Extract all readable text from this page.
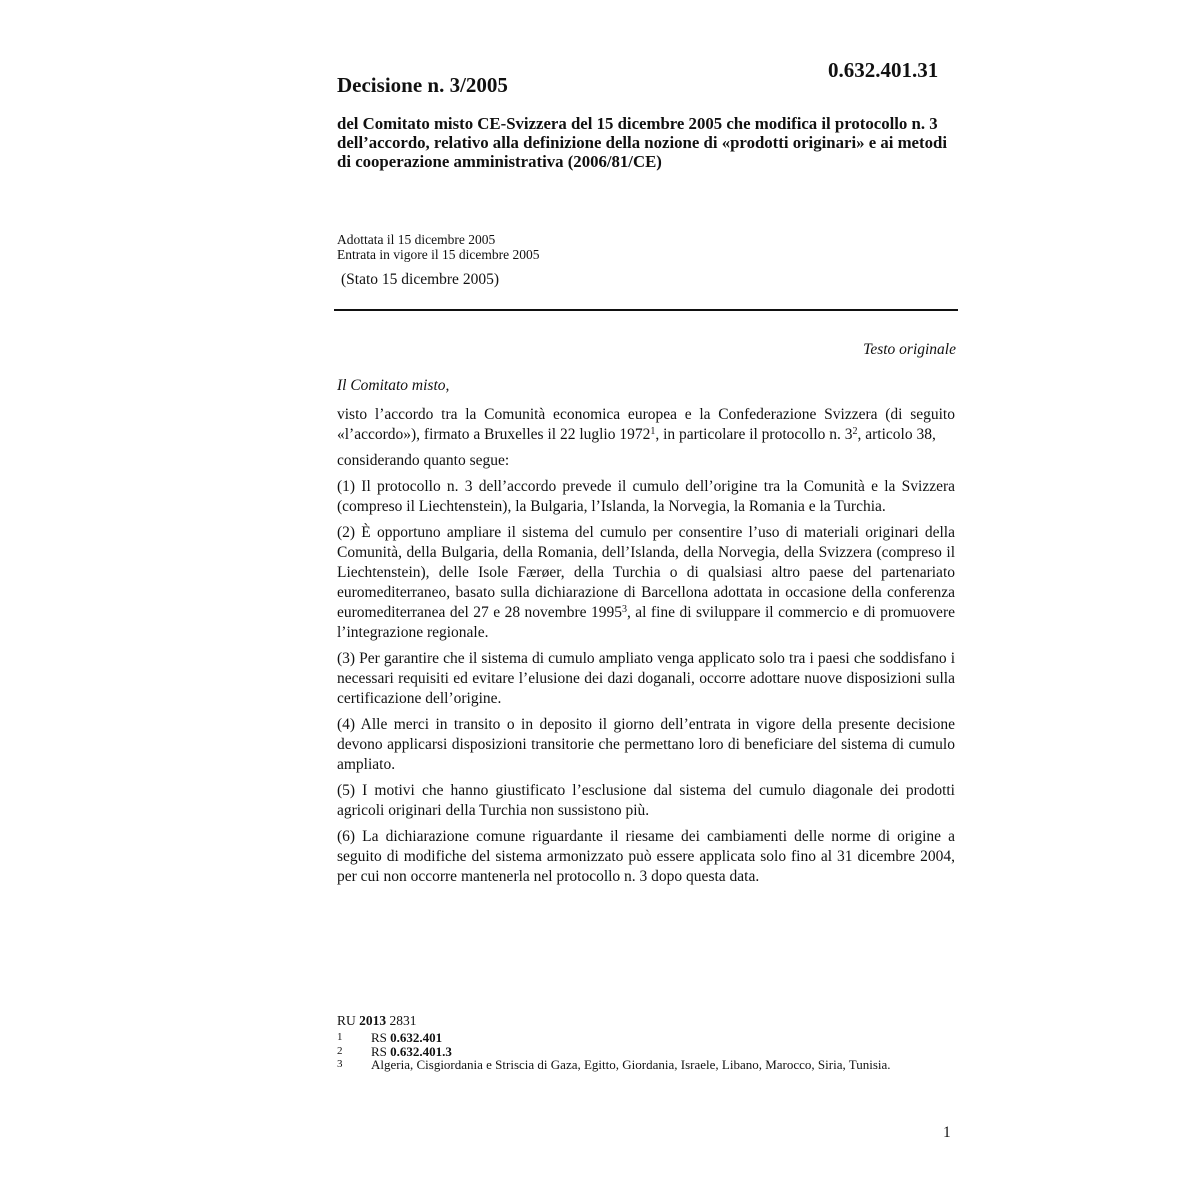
0.632.401.31
Decisione n. 3/2005
del Comitato misto CE-Svizzera del 15 dicembre 2005 che modifica il protocollo n. 3 dell’accordo, relativo alla definizione della nozione di «prodotti originari» e ai metodi di cooperazione amministrativa (2006/81/CE)
Adottata il 15 dicembre 2005
Entrata in vigore il 15 dicembre 2005
(Stato 15 dicembre 2005)
Testo originale
Il Comitato misto,

visto l’accordo tra la Comunità economica europea e la Confederazione Svizzera (di seguito «l’accordo»), firmato a Bruxelles il 22 luglio 1972$^1$, in particolare il protocollo n. $3^2$, articolo 38,

considerando quanto segue:

(1) Il protocollo n. 3 dell’accordo prevede il cumulo dell’origine tra la Comunità e la Svizzera (compreso il Liechtenstein), la Bulgaria, l’Islanda, la Norvegia, la Romania e la Turchia.

(2) È opportuno ampliare il sistema del cumulo per consentire l’uso di materiali originari della Comunità, della Bulgaria, della Romania, dell’Islanda, della Norvegia, della Svizzera (compreso il Liechtenstein), delle Isole Færøer, della Turchia o di qualsiasi altro paese del partenariato euromediterraneo, basato sulla dichiarazione di Barcellona adottata in occasione della conferenza euromediterranea del 27 e 28 novembre 1995$^3$, al fine di sviluppare il commercio e di promuovere l’integrazione regionale.

(3) Per garantire che il sistema di cumulo ampliato venga applicato solo tra i paesi che soddisfano i necessari requisiti ed evitare l’elusione dei dazi doganali, occorre adottare nuove disposizioni sulla certificazione dell’origine.

(4) Alle merci in transito o in deposito il giorno dell’entrata in vigore della presente decisione devono applicarsi disposizioni transitorie che permettano loro di beneficiare del sistema di cumulo ampliato.

(5) I motivi che hanno giustificato l’esclusione dal sistema del cumulo diagonale dei prodotti agricoli originari della Turchia non sussistono più.

(6) La dichiarazione comune riguardante il riesame dei cambiamenti delle norme di origine a seguito di modifiche del sistema armonizzato può essere applicata solo fino al 31 dicembre 2004, per cui non occorre mantenerla nel protocollo n. 3 dopo questa data.

RU 2013 2831
1	RS 0.632.401
2	RS 0.632.401.3
3	Algeria, Cisgiordania e Striscia di Gaza, Egitto, Giordania, Israele, Libano, Marocco, Siria, Tunisia.
1
